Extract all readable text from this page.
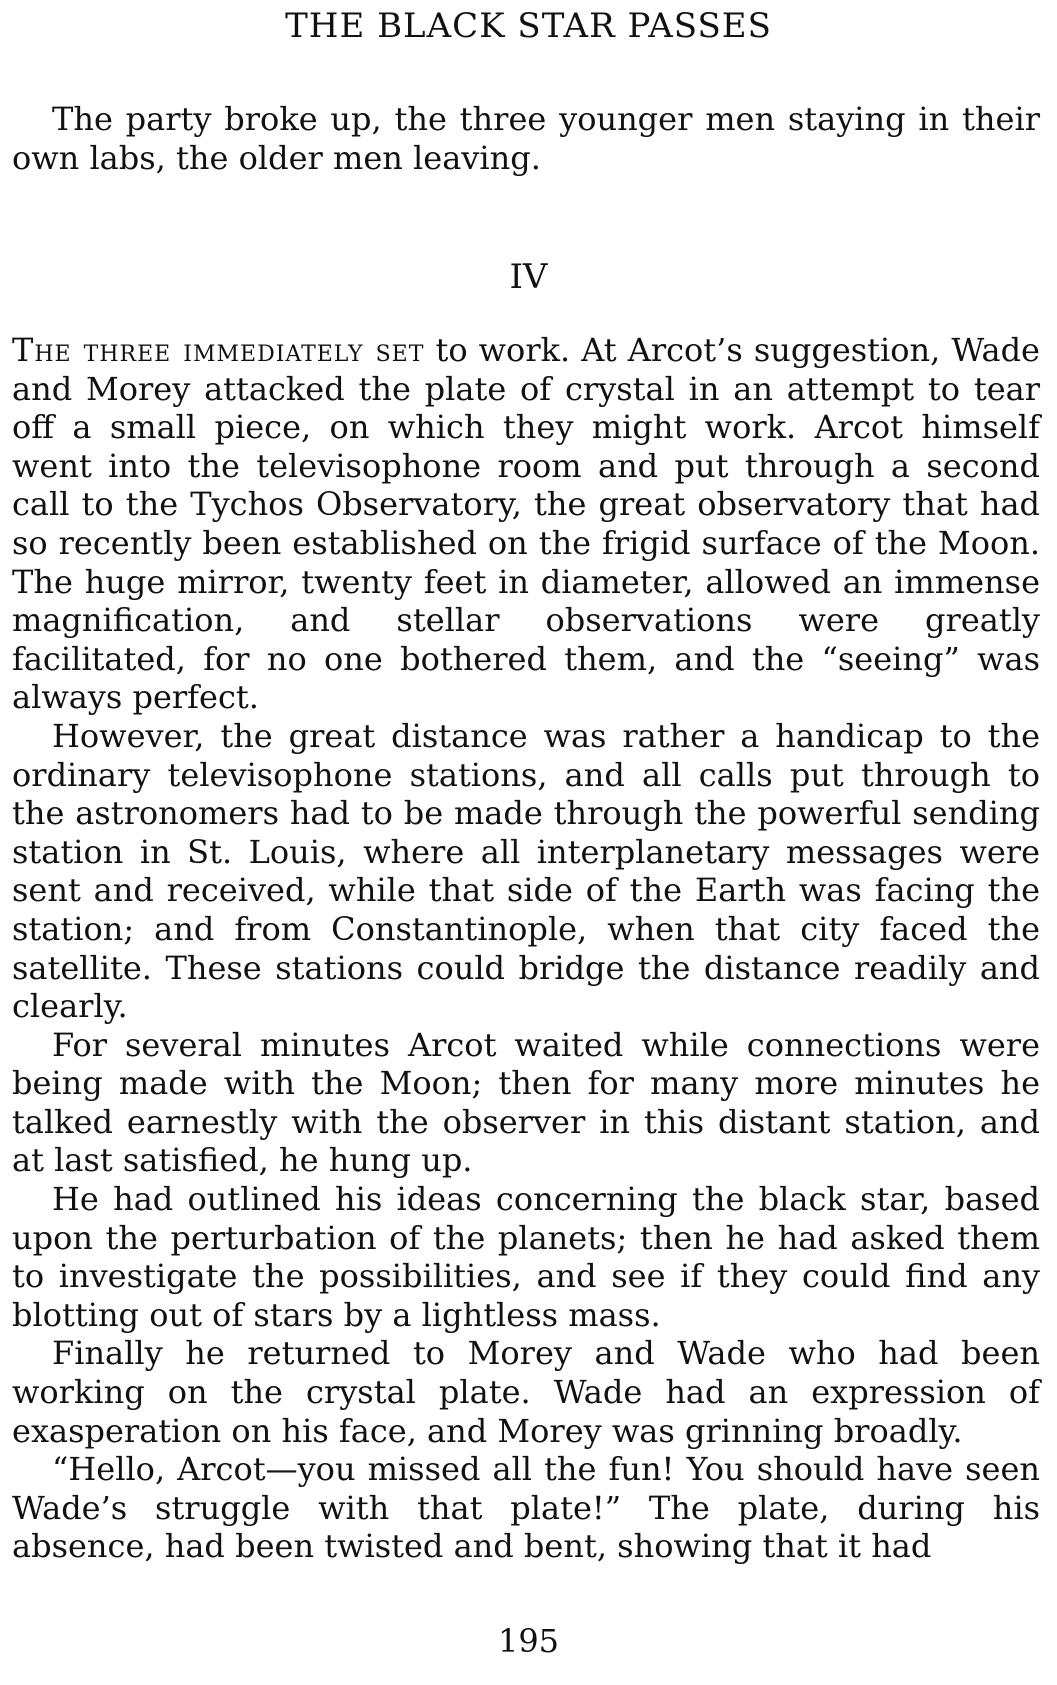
THE BLACK STAR PASSES

The party broke up, the three younger men staying in their own labs, the older men leaving.

IV

The three immediately set to work. At Arcot’s suggestion, Wade and Morey attacked the plate of crystal in an attempt to tear off a small piece, on which they might work. Arcot himself went into the televisophone room and put through a second call to the Tychos Observatory, the great observatory that had so recently been established on the frigid surface of the Moon. The huge mirror, twenty feet in diameter, allowed an immense magnification, and stellar observations were greatly facilitated, for no one bothered them, and the “seeing” was always perfect.

However, the great distance was rather a handicap to the ordinary televisophone stations, and all calls put through to the astronomers had to be made through the powerful sending station in St. Louis, where all interplanetary messages were sent and received, while that side of the Earth was facing the station; and from Constantinople, when that city faced the satellite. These stations could bridge the distance readily and clearly.

For several minutes Arcot waited while connections were being made with the Moon; then for many more minutes he talked earnestly with the observer in this distant station, and at last satisfied, he hung up.

He had outlined his ideas concerning the black star, based upon the perturbation of the planets; then he had asked them to investigate the possibilities, and see if they could find any blotting out of stars by a lightless mass.

Finally he returned to Morey and Wade who had been working on the crystal plate. Wade had an expression of exasperation on his face, and Morey was grinning broadly.

“Hello, Arcot—you missed all the fun! You should have seen Wade’s struggle with that plate!” The plate, during his absence, had been twisted and bent, showing that it had

195
